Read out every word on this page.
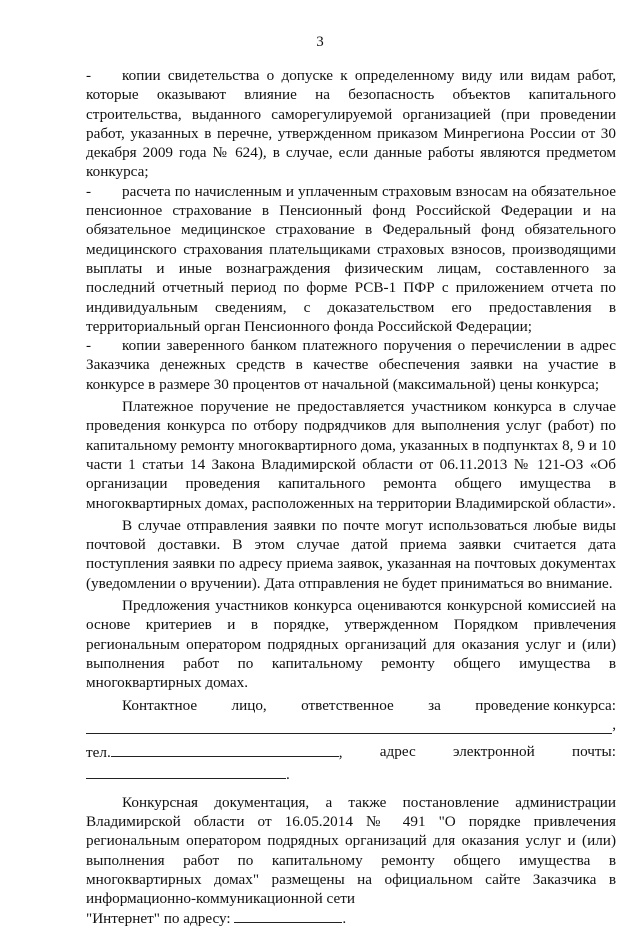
3

- копии свидетельства о допуске к определенному виду или видам работ, которые оказывают влияние на безопасность объектов капитального строительства, выданного саморегулируемой организацией (при проведении работ, указанных в перечне, утвержденном приказом Минрегиона России от 30 декабря 2009 года № 624), в случае, если данные работы являются предметом конкурса;

- расчета по начисленным и уплаченным страховым взносам на обязательное пенсионное страхование в Пенсионный фонд Российской Федерации и на обязательное медицинское страхование в Федеральный фонд обязательного медицинского страхования плательщиками страховых взносов, производящими выплаты и иные вознаграждения физическим лицам, составленного за последний отчетный период по форме РСВ-1 ПФР с приложением отчета по индивидуальным сведениям, с доказательством его предоставления в территориальный орган Пенсионного фонда Российской Федерации;

- копии заверенного банком платежного поручения о перечислении в адрес Заказчика денежных средств в качестве обеспечения заявки на участие в конкурсе в размере 30 процентов от начальной (максимальной) цены конкурса;

Платежное поручение не предоставляется участником конкурса в случае проведения конкурса по отбору подрядчиков для выполнения услуг (работ) по капитальному ремонту многоквартирного дома, указанных в подпунктах 8, 9 и 10 части 1 статьи 14 Закона Владимирской области от 06.11.2013 № 121-ОЗ «Об организации проведения капитального ремонта общего имущества в многоквартирных домах, расположенных на территории Владимирской области».

В случае отправления заявки по почте могут использоваться любые виды почтовой доставки. В этом случае датой приема заявки считается дата поступления заявки по адресу приема заявок, указанная на почтовых документах (уведомлении о вручении). Дата отправления не будет приниматься во внимание.

Предложения участников конкурса оцениваются конкурсной комиссией на основе критериев и в порядке, утвержденном Порядком привлечения региональным оператором подрядных организаций для оказания услуг и (или) выполнения работ по капитальному ремонту общего имущества в многоквартирных домах.

Контактное лицо, ответственное за проведение конкурса:
,
тел.	, адрес электронной почты:
.

Конкурсная документация, а также постановление администрации Владимирской области от 16.05.2014 № 491 "О порядке привлечения региональным оператором подрядных организаций для оказания услуг и (или) выполнения работ по капитальному ремонту общего имущества в многоквартирных домах" размещены на официальном сайте Заказчика в информационно-коммуникационной сети

"Интернет" по адресу:	.
